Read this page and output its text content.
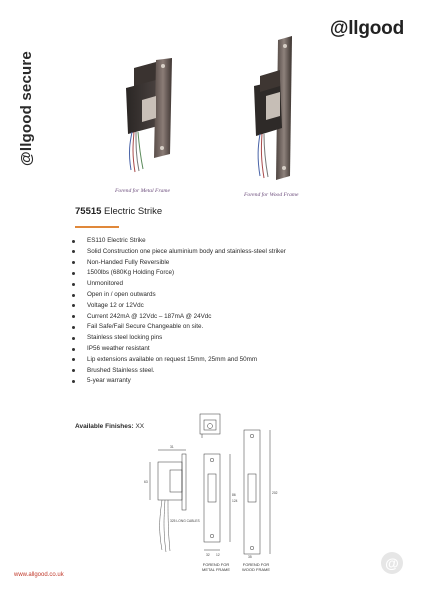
@llgood secure
@llgood
Forend for Metal Frame
Forend for Wood Frame
75515 Electric Strike
ES110 Electric Strike
Solid Construction one piece aluminium body and stainless-steel striker
Non-Handed Fully Reversible
1500lbs (680Kg Holding Force)
Unmonitored
Open in / open outwards
Voltage 12 or 12Vdc
Current 242mA @ 12Vdc – 187mA @ 24Vdc
Fail Safe/Fail Secure Changeable on site.
Stainless steel locking pins
IP56 weather resistant
Lip extensions available on request 15mm, 25mm and 50mm
Brushed Stainless steel.
5-year warranty
Available Finishes: XX
31
63
86
124
202
32 12	35
325 LONG CABLES
FOREND FOR
METAL FRAME
FOREND FOR
WOOD FRAME
www.allgood.co.uk
@
